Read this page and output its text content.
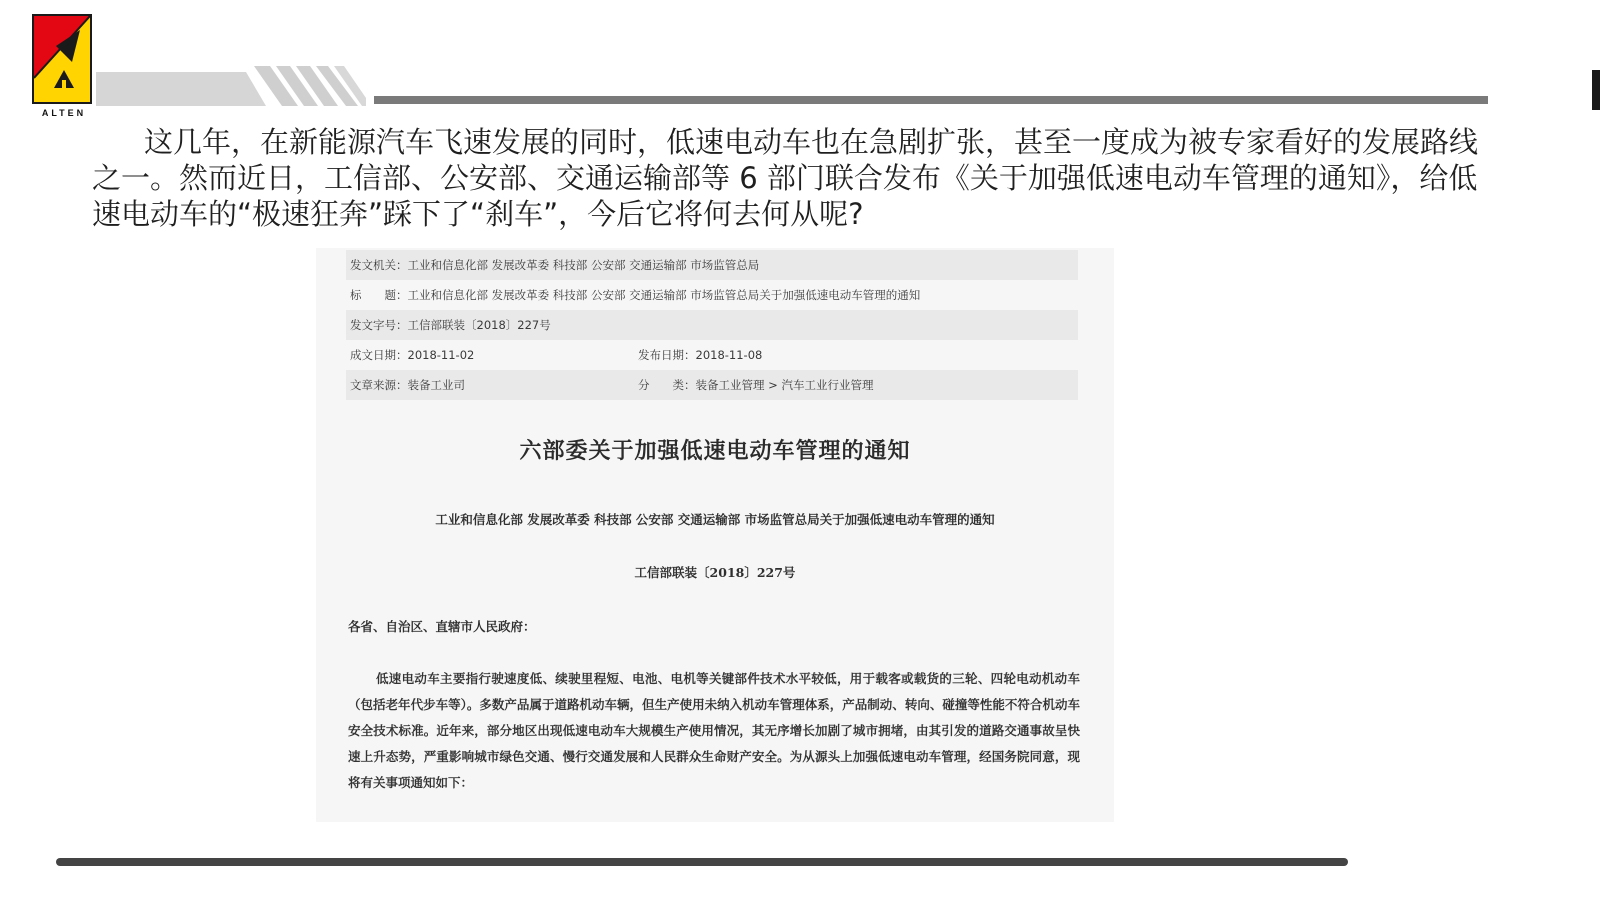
ALTEN
这几年，在新能源汽车飞速发展的同时，低速电动车也在急剧扩张，甚至一度成为被专家看好的发展路线之一。然而近日，工信部、公安部、交通运输部等 6 部门联合发布《关于加强低速电动车管理的通知》，给低速电动车的“极速狂奔”踩下了“刹车”，今后它将何去何从呢?
发文机关：工业和信息化部 发展改革委 科技部 公安部 交通运输部 市场监管总局
标　　题：工业和信息化部 发展改革委 科技部 公安部 交通运输部 市场监管总局关于加强低速电动车管理的通知
发文字号：工信部联装〔2018〕227号
成文日期：2018-11-02	发布日期：2018-11-08
文章来源：装备工业司	分　　类：装备工业管理 > 汽车工业行业管理
六部委关于加强低速电动车管理的通知
工业和信息化部 发展改革委 科技部 公安部 交通运输部 市场监管总局关于加强低速电动车管理的通知
工信部联装〔2018〕227号
各省、自治区、直辖市人民政府：
低速电动车主要指行驶速度低、续驶里程短、电池、电机等关键部件技术水平较低，用于载客或载货的三轮、四轮电动机动车（包括老年代步车等）。多数产品属于道路机动车辆，但生产使用未纳入机动车管理体系，产品制动、转向、碰撞等性能不符合机动车安全技术标准。近年来，部分地区出现低速电动车大规模生产使用情况，其无序增长加剧了城市拥堵，由其引发的道路交通事故呈快速上升态势，严重影响城市绿色交通、慢行交通发展和人民群众生命财产安全。为从源头上加强低速电动车管理，经国务院同意，现将有关事项通知如下：
